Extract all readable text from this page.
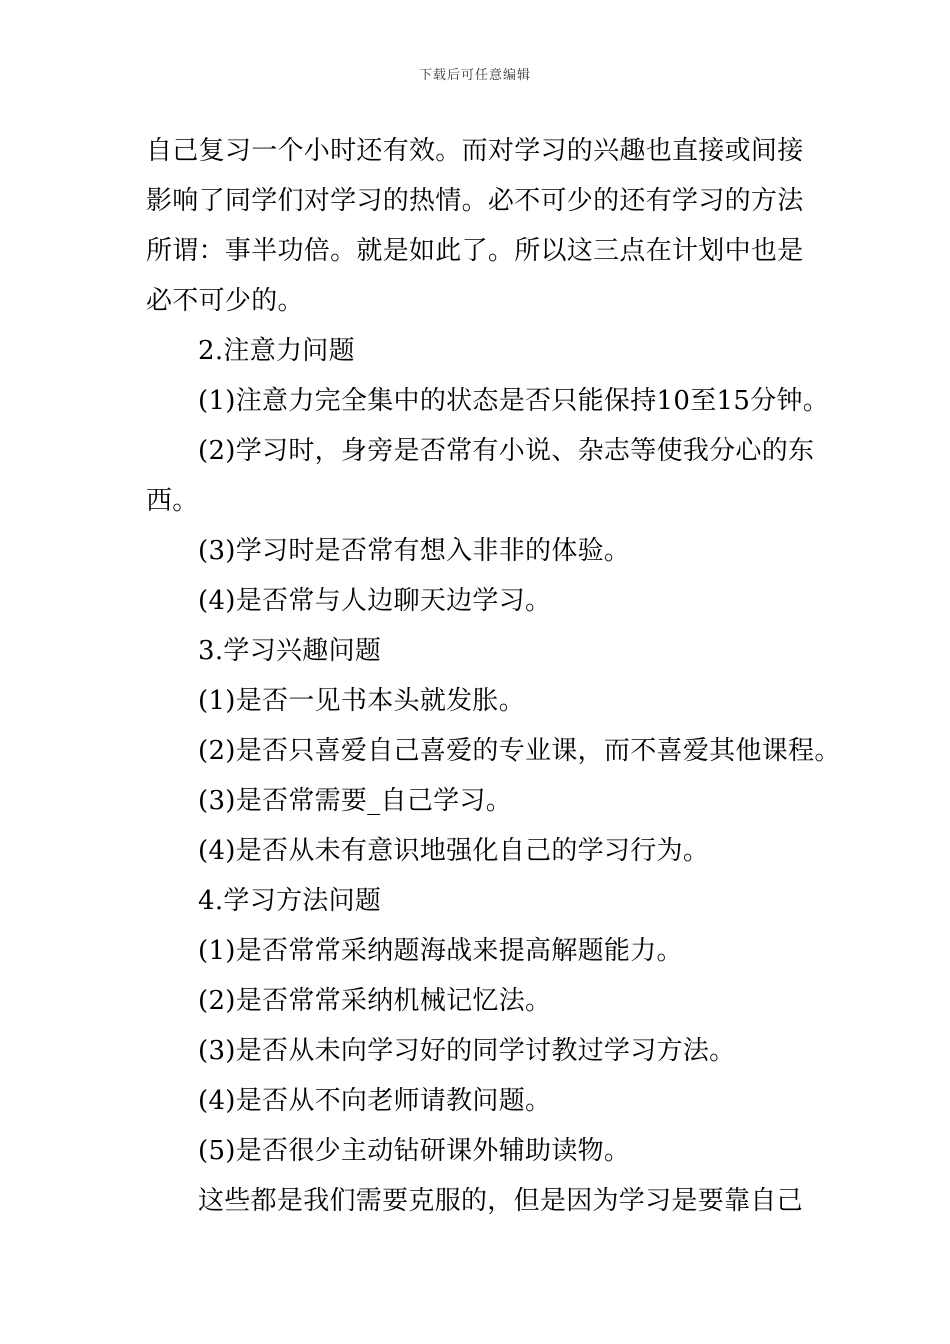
下载后可任意编辑
自己复习一个小时还有效。而对学习的兴趣也直接或间接
影响了同学们对学习的热情。必不可少的还有学习的方法
所谓：事半功倍。就是如此了。所以这三点在计划中也是
必不可少的。
2.注意力问题
(1)注意力完全集中的状态是否只能保持10至15分钟。
(2)学习时，身旁是否常有小说、杂志等使我分心的东
西。
(3)学习时是否常有想入非非的体验。
(4)是否常与人边聊天边学习。
3.学习兴趣问题
(1)是否一见书本头就发胀。
(2)是否只喜爱自己喜爱的专业课，而不喜爱其他课程。
(3)是否常需要_自己学习。
(4)是否从未有意识地强化自己的学习行为。
4.学习方法问题
(1)是否常常采纳题海战来提高解题能力。
(2)是否常常采纳机械记忆法。
(3)是否从未向学习好的同学讨教过学习方法。
(4)是否从不向老师请教问题。
(5)是否很少主动钻研课外辅助读物。
这些都是我们需要克服的，但是因为学习是要靠自己
